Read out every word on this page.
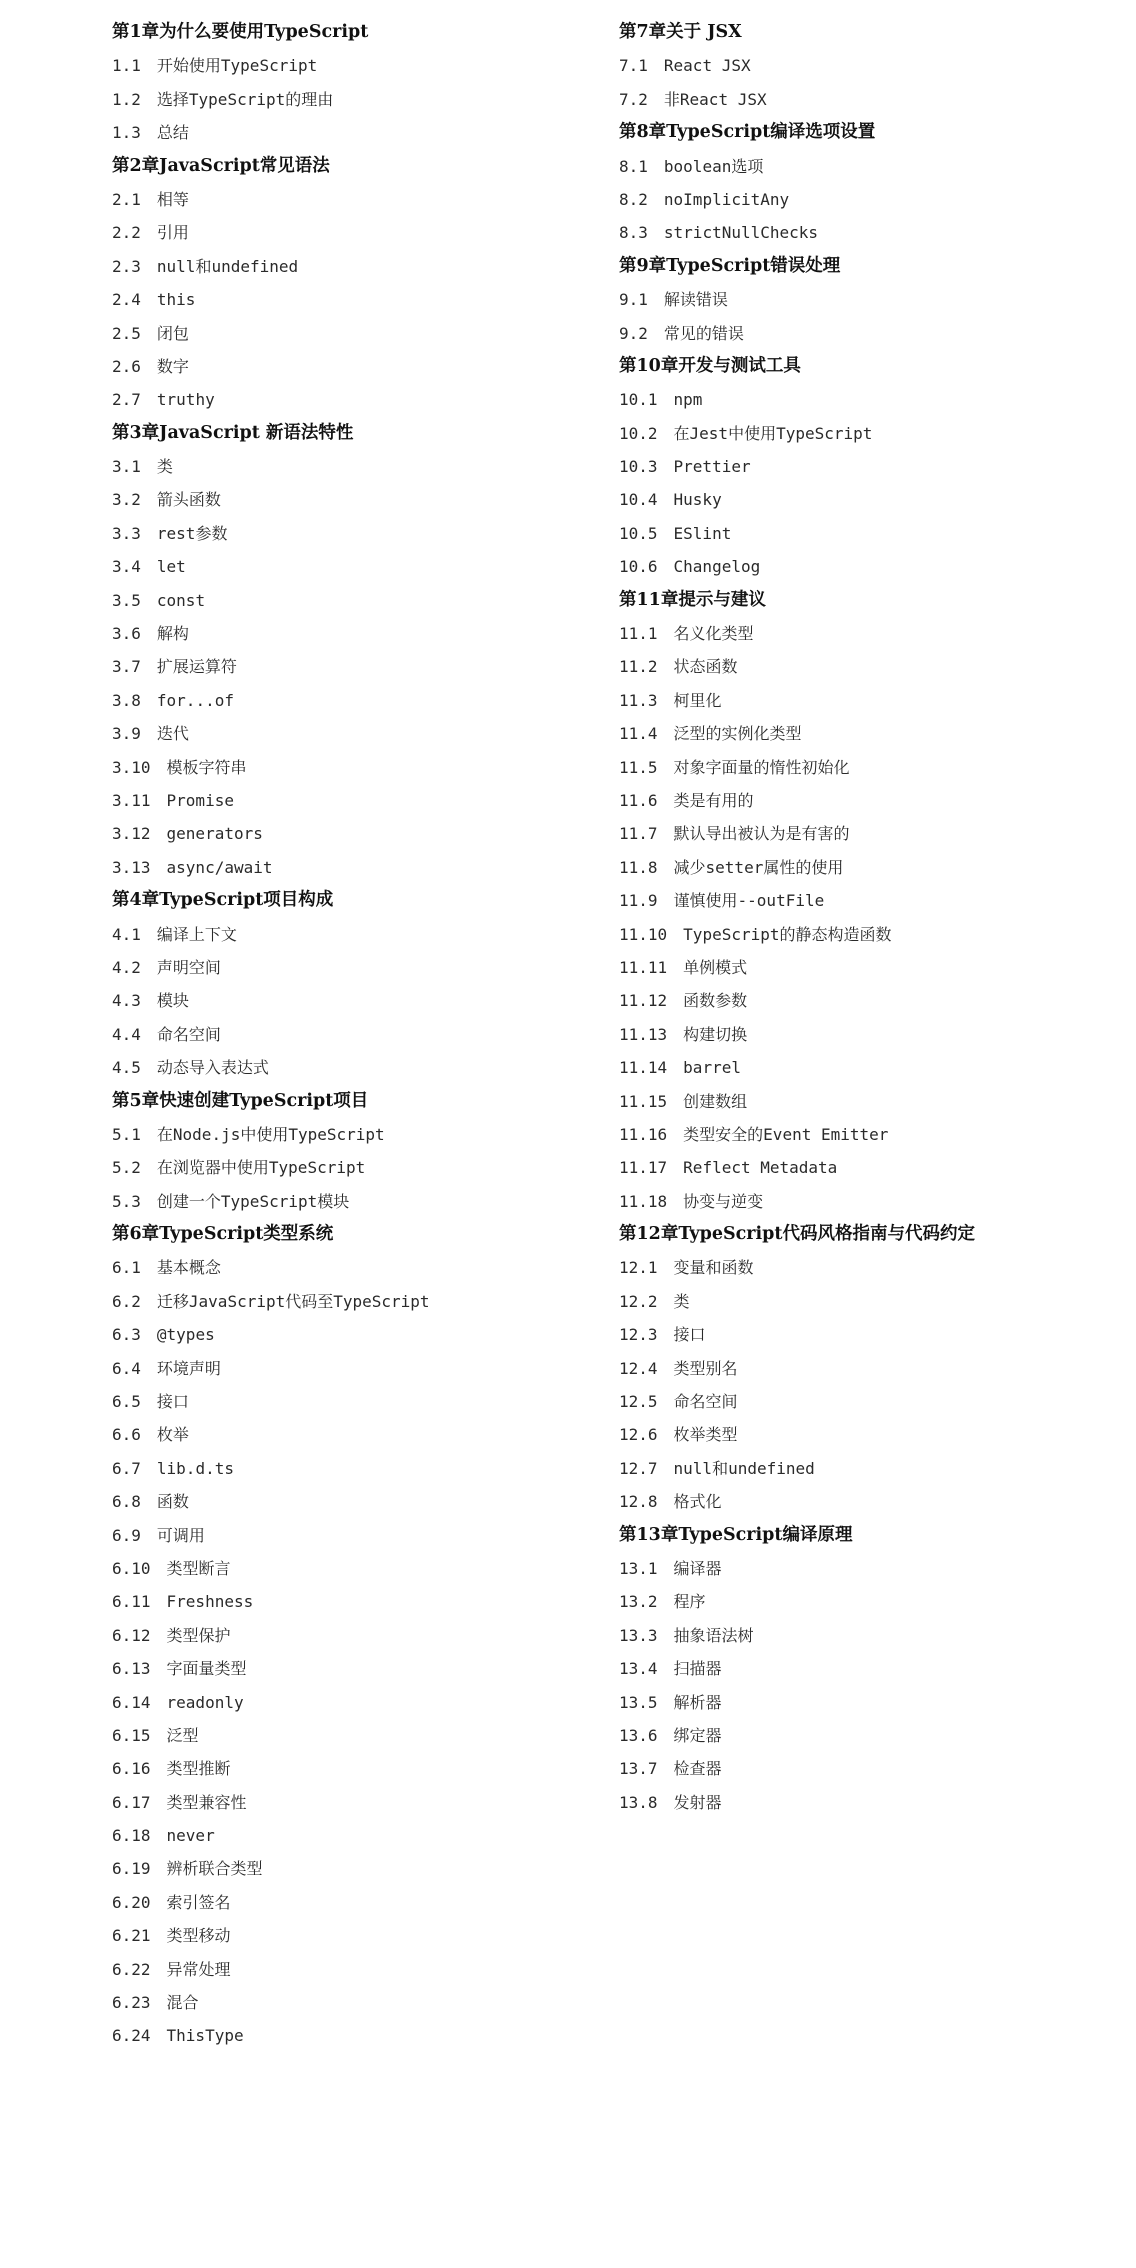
第1章为什么要使用TypeScript
1.1 开始使用TypeScript
1.2 选择TypeScript的理由
1.3 总结
第2章JavaScript常见语法
2.1 相等
2.2 引用
2.3 null和undefined
2.4 this
2.5 闭包
2.6 数字
2.7 truthy
第3章JavaScript 新语法特性
3.1 类
3.2 箭头函数
3.3 rest参数
3.4 let
3.5 const
3.6 解构
3.7 扩展运算符
3.8 for...of
3.9 迭代
3.10 模板字符串
3.11 Promise
3.12 generators
3.13 async/await
第4章TypeScript项目构成
4.1 编译上下文
4.2 声明空间
4.3 模块
4.4 命名空间
4.5 动态导入表达式
第5章快速创建TypeScript项目
5.1 在Node.js中使用TypeScript
5.2 在浏览器中使用TypeScript
5.3 创建一个TypeScript模块
第6章TypeScript类型系统
6.1 基本概念
6.2 迁移JavaScript代码至TypeScript
6.3 @types
6.4 环境声明
6.5 接口
6.6 枚举
6.7 lib.d.ts
6.8 函数
6.9 可调用
6.10 类型断言
6.11 Freshness
6.12 类型保护
6.13 字面量类型
6.14 readonly
6.15 泛型
6.16 类型推断
6.17 类型兼容性
6.18 never
6.19 辨析联合类型
6.20 索引签名
6.21 类型移动
6.22 异常处理
6.23 混合
6.24 ThisType
第7章关于 JSX
7.1 React JSX
7.2 非React JSX
第8章TypeScript编译选项设置
8.1 boolean选项
8.2 noImplicitAny
8.3 strictNullChecks
第9章TypeScript错误处理
9.1 解读错误
9.2 常见的错误
第10章开发与测试工具
10.1 npm
10.2 在Jest中使用TypeScript
10.3 Prettier
10.4 Husky
10.5 ESlint
10.6 Changelog
第11章提示与建议
11.1 名义化类型
11.2 状态函数
11.3 柯里化
11.4 泛型的实例化类型
11.5 对象字面量的惰性初始化
11.6 类是有用的
11.7 默认导出被认为是有害的
11.8 减少setter属性的使用
11.9 谨慎使用--outFile
11.10 TypeScript的静态构造函数
11.11 单例模式
11.12 函数参数
11.13 构建切换
11.14 barrel
11.15 创建数组
11.16 类型安全的Event Emitter
11.17 Reflect Metadata
11.18 协变与逆变
第12章TypeScript代码风格指南与代码约定
12.1 变量和函数
12.2 类
12.3 接口
12.4 类型别名
12.5 命名空间
12.6 枚举类型
12.7 null和undefined
12.8 格式化
第13章TypeScript编译原理
13.1 编译器
13.2 程序
13.3 抽象语法树
13.4 扫描器
13.5 解析器
13.6 绑定器
13.7 检查器
13.8 发射器
